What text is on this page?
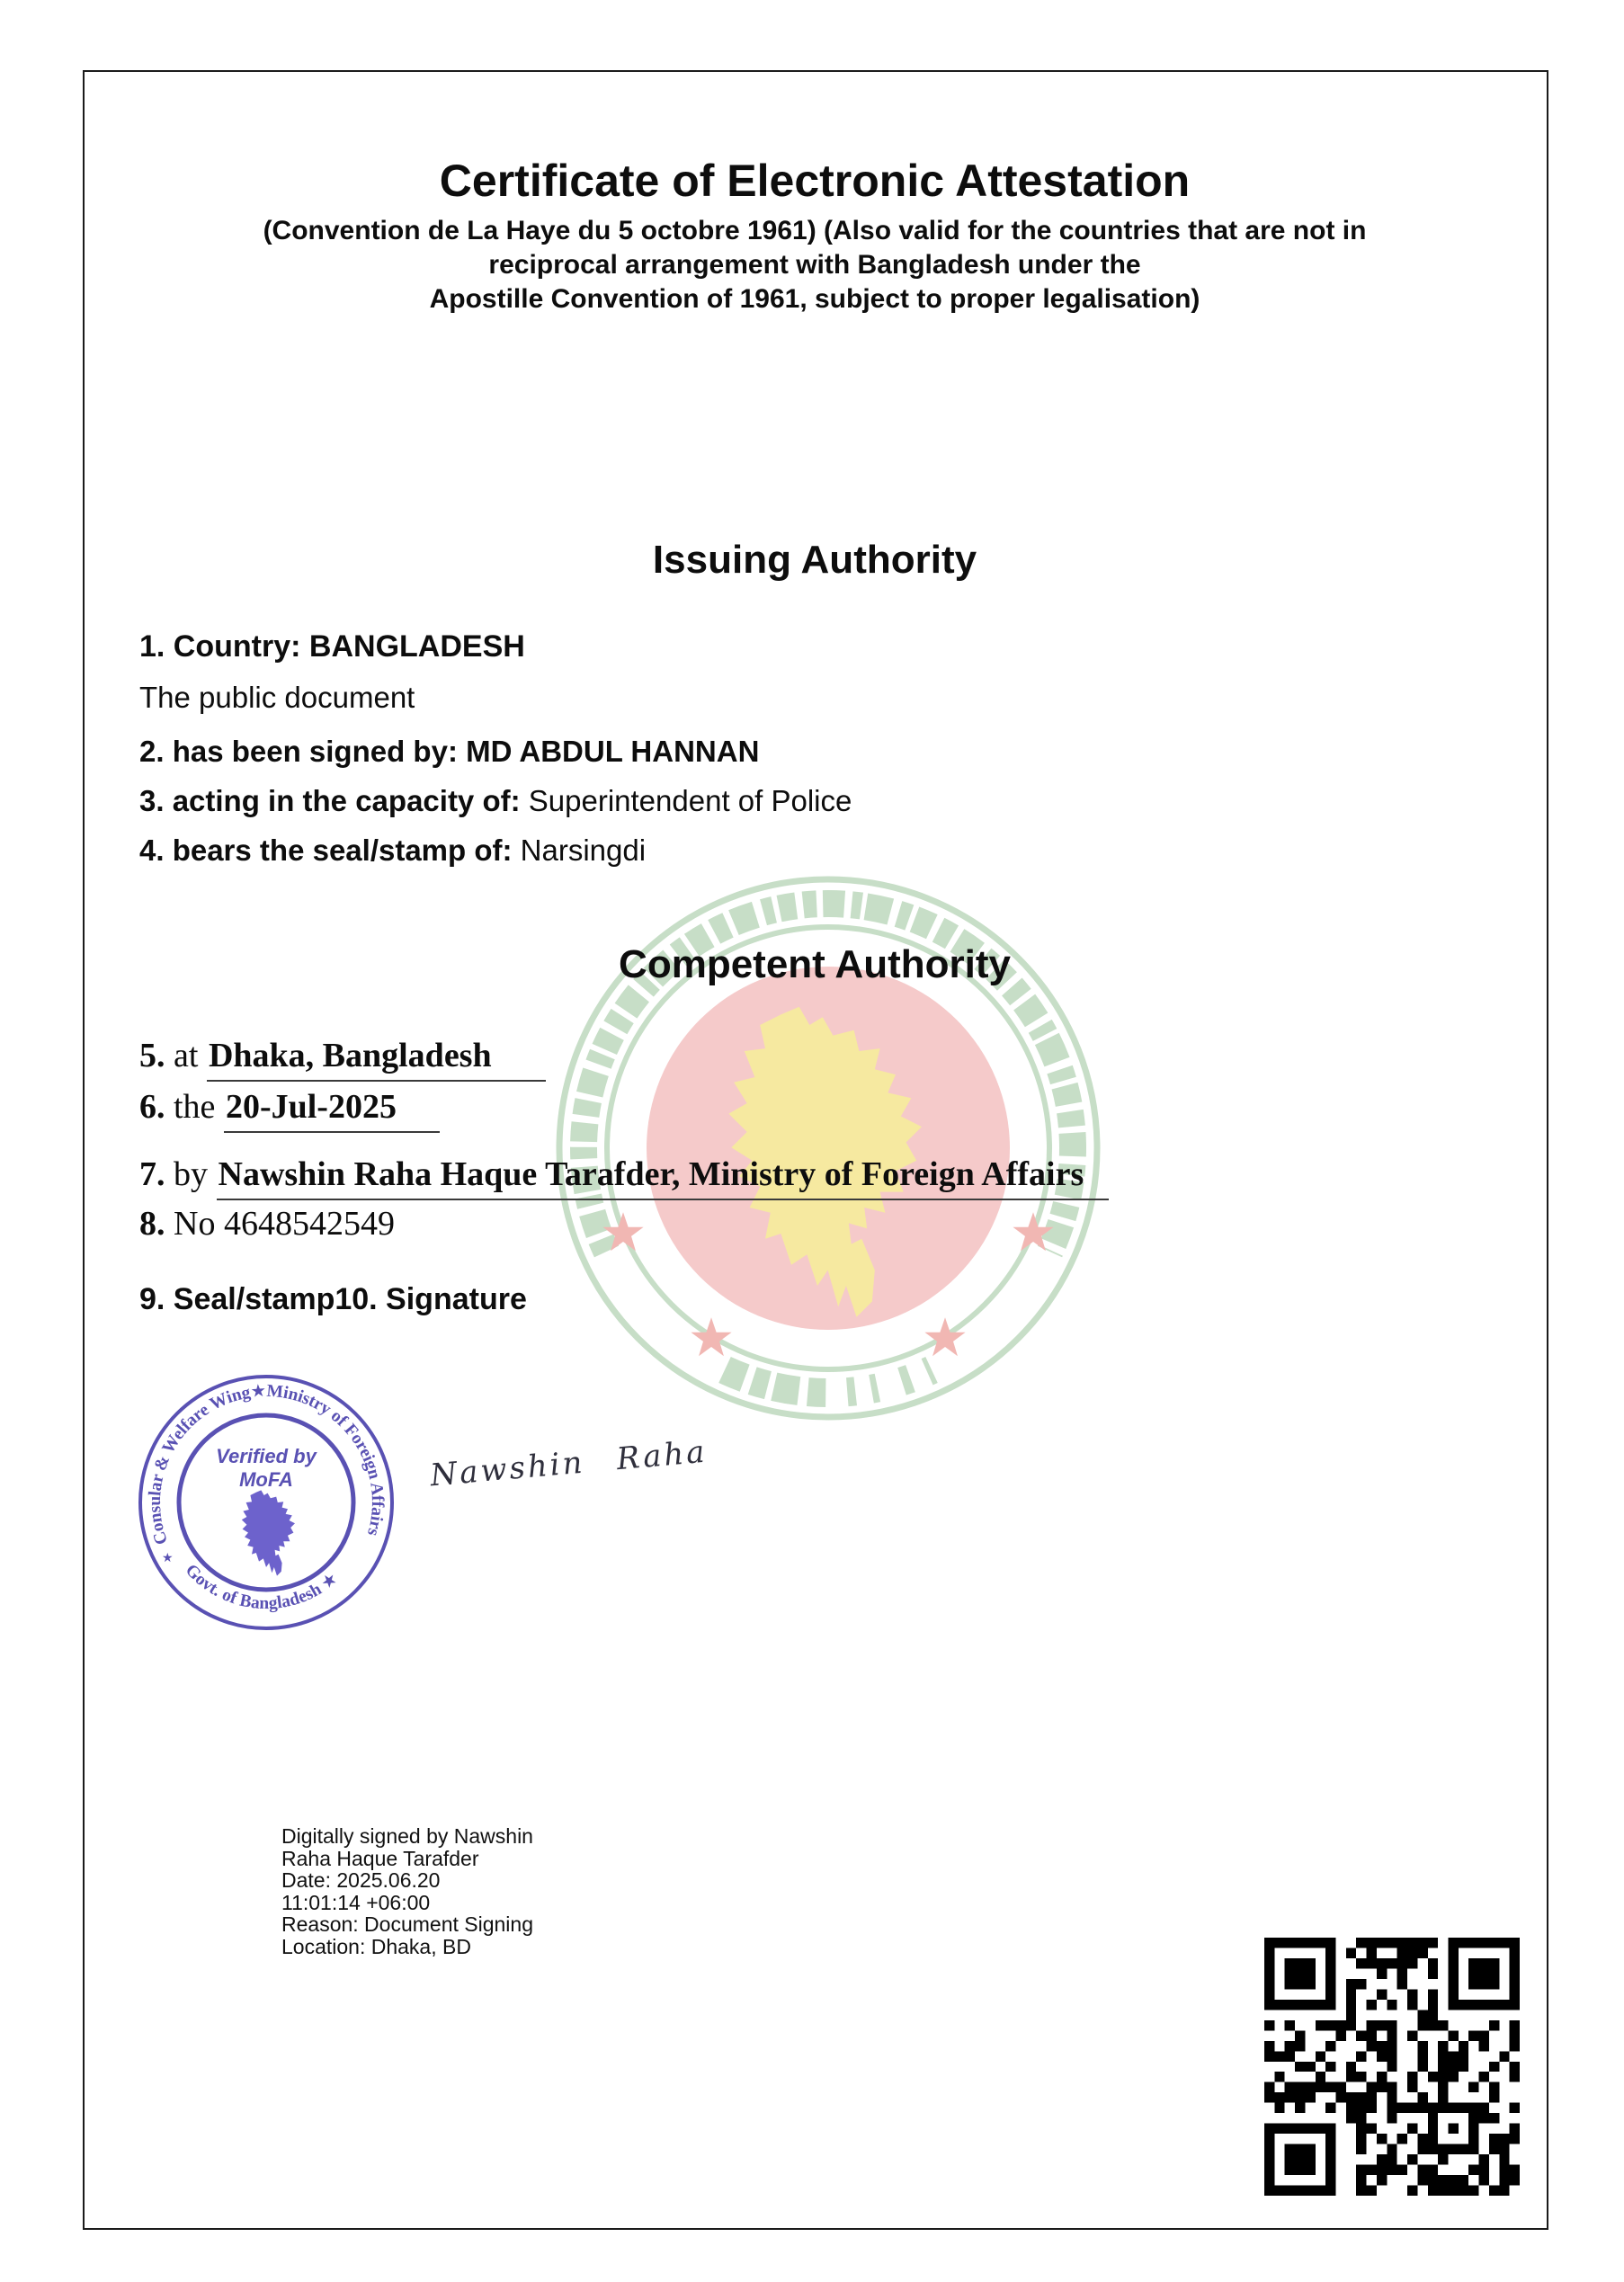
Certificate of Electronic Attestation
(Convention de La Haye du 5 octobre 1961) (Also valid for the countries that are not in
reciprocal arrangement with Bangladesh under the
Apostille Convention of 1961, subject to proper legalisation)
Issuing Authority
1. Country: BANGLADESH
The public document
2. has been signed by: MD ABDUL HANNAN
3. acting in the capacity of: Superintendent of Police
4. bears the seal/stamp of: Narsingdi
Competent Authority
5. at Dhaka, Bangladesh
6. the 20-Jul-2025
7. by Nawshin Raha Haque Tarafder, Ministry of Foreign Affairs
8. No 4648542549
9. Seal/stamp10. Signature
Consular & Welfare Wing★Ministry of Foreign Affairs
Govt. of Bangladesh ★
★
Verified by
MoFA	Nawshin Raha
Digitally signed by Nawshin
Raha Haque Tarafder
Date: 2025.06.20
11:01:14 +06:00
Reason: Document Signing
Location: Dhaka, BD
